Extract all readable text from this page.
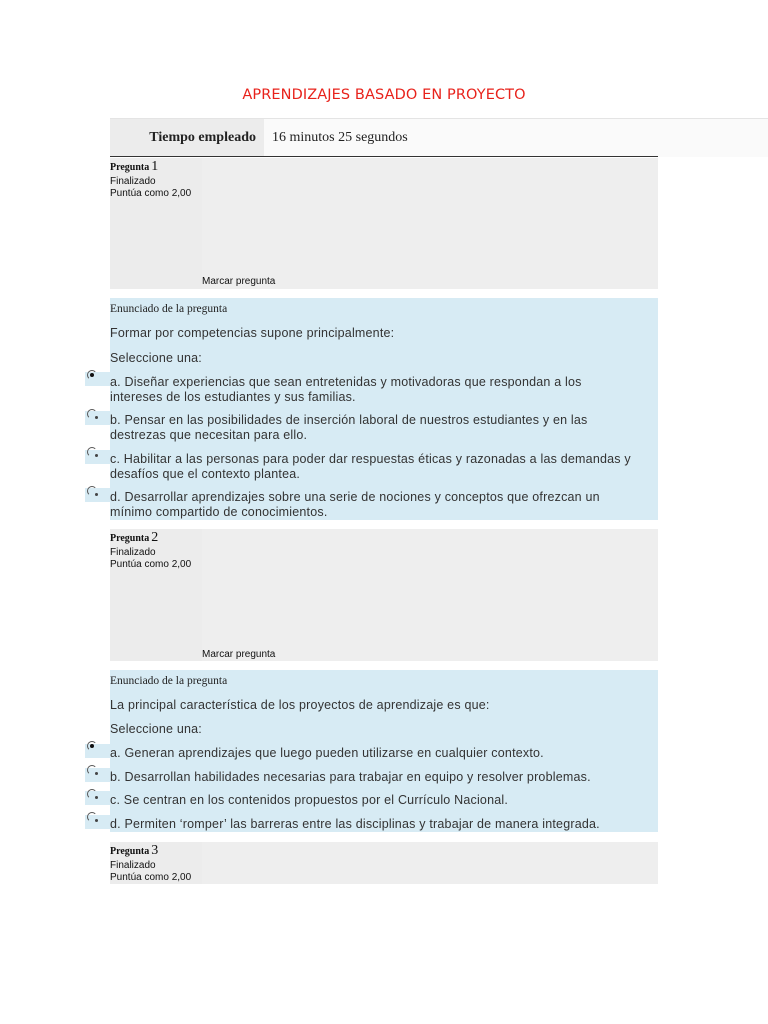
APRENDIZAJES BASADO EN PROYECTO
Tiempo empleado	16 minutos 25 segundos
Pregunta 1
Finalizado
Puntúa como 2,00
Marcar pregunta
Enunciado de la pregunta
Formar por competencias supone principalmente:
Seleccione una:
a. Diseñar experiencias que sean entretenidas y motivadoras que respondan a los
intereses de los estudiantes y sus familias.
b. Pensar en las posibilidades de inserción laboral de nuestros estudiantes y en las
destrezas que necesitan para ello.
c. Habilitar a las personas para poder dar respuestas éticas y razonadas a las demandas y
desafíos que el contexto plantea.
d. Desarrollar aprendizajes sobre una serie de nociones y conceptos que ofrezcan un
mínimo compartido de conocimientos.
Pregunta 2
Finalizado
Puntúa como 2,00
Marcar pregunta
Enunciado de la pregunta
La principal característica de los proyectos de aprendizaje es que:
Seleccione una:
a. Generan aprendizajes que luego pueden utilizarse en cualquier contexto.
b. Desarrollan habilidades necesarias para trabajar en equipo y resolver problemas.
c. Se centran en los contenidos propuestos por el Currículo Nacional.
d. Permiten ‘romper’ las barreras entre las disciplinas y trabajar de manera integrada.
Pregunta 3
Finalizado
Puntúa como 2,00
